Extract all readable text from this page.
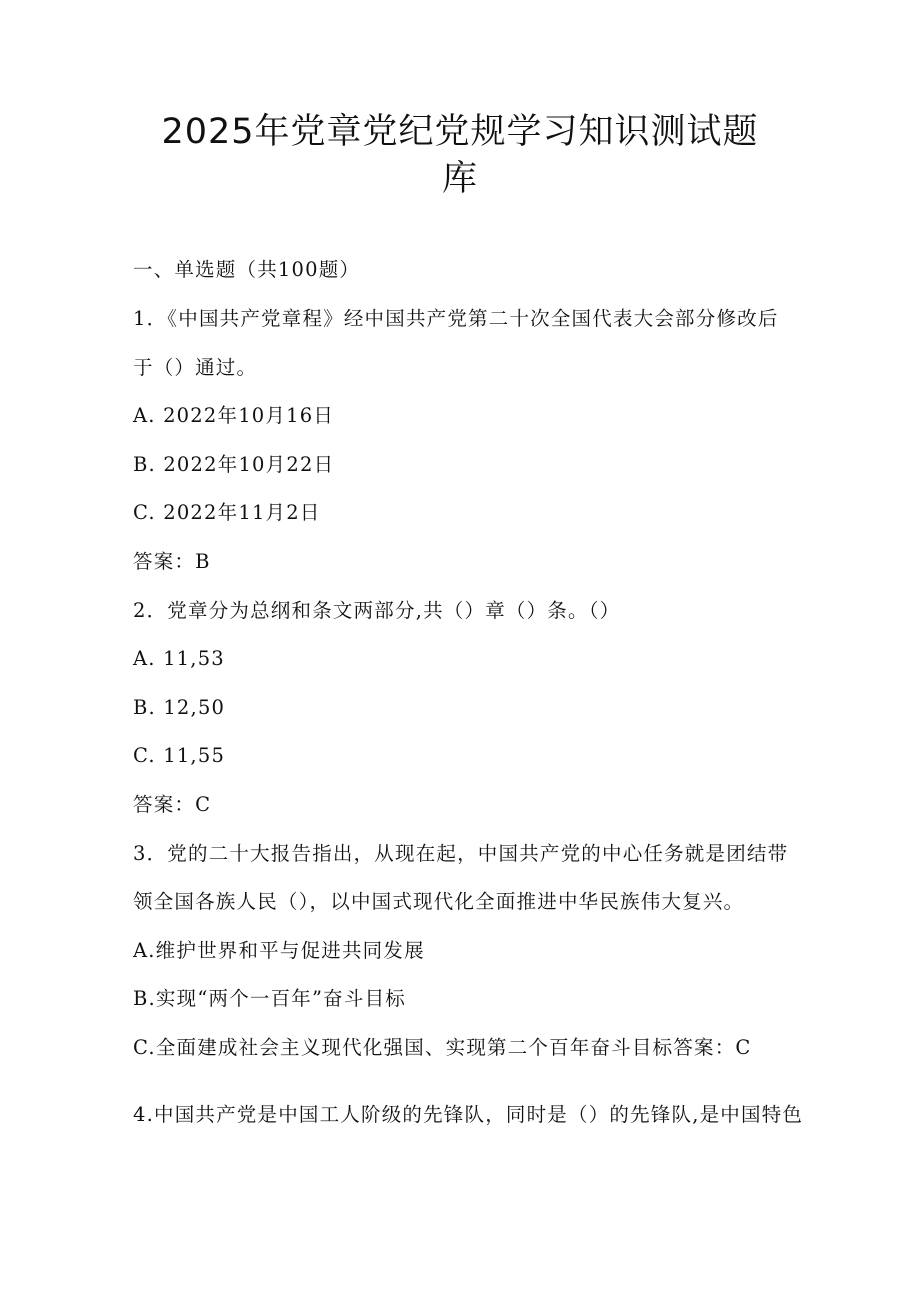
2025年党章党纪党规学习知识测试题
库
一、单选题（共100题）
1．《中国共产党章程》经中国共产党第二十次全国代表大会部分修改后
于（）通过。
A. 2022年10月16日
B. 2022年10月22日
C. 2022年11月2日
答案：B
2．党章分为总纲和条文两部分,共（）章（）条。（）
A. 11,53
B. 12,50
C. 11,55
答案：C
3．党的二十大报告指出，从现在起，中国共产党的中心任务就是团结带
领全国各族人民（），以中国式现代化全面推进中华民族伟大复兴。
A.维护世界和平与促进共同发展
B.实现“两个一百年”奋斗目标
C.全面建成社会主义现代化强国、实现第二个百年奋斗目标答案：C
4.中国共产党是中国工人阶级的先锋队，同时是（）的先锋队,是中国特色
